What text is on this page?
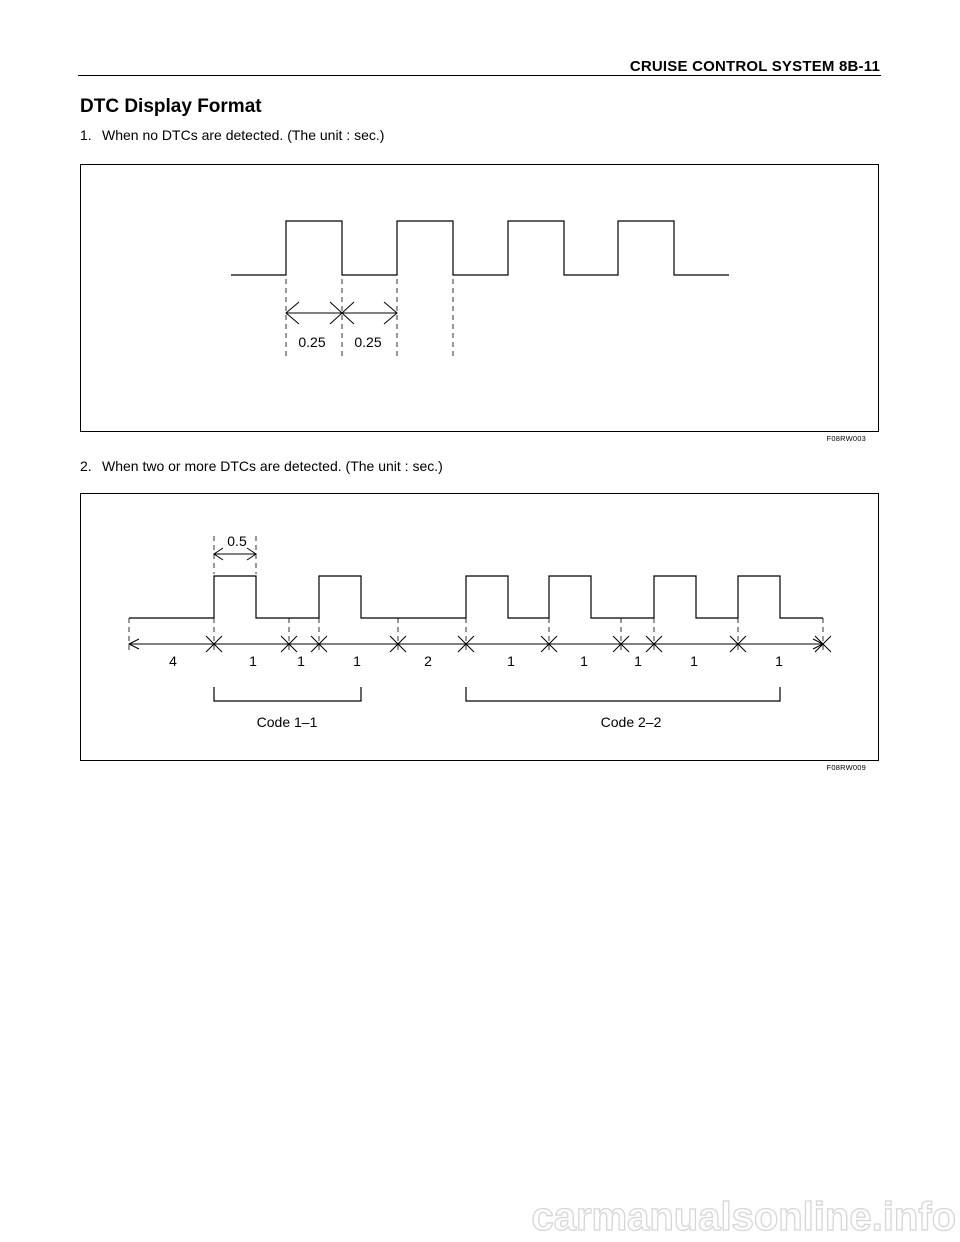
CRUISE CONTROL SYSTEM 8B-11
DTC Display Format
1. When no DTCs are detected. (The unit : sec.)
0.25 0.25
F08RW003
2. When two or more DTCs are detected. (The unit : sec.)
0.5
4	1	1	1	2	1	1	1	1	1
Code 1–1	Code 2–2
F08RW009
carmanualsonline.info
